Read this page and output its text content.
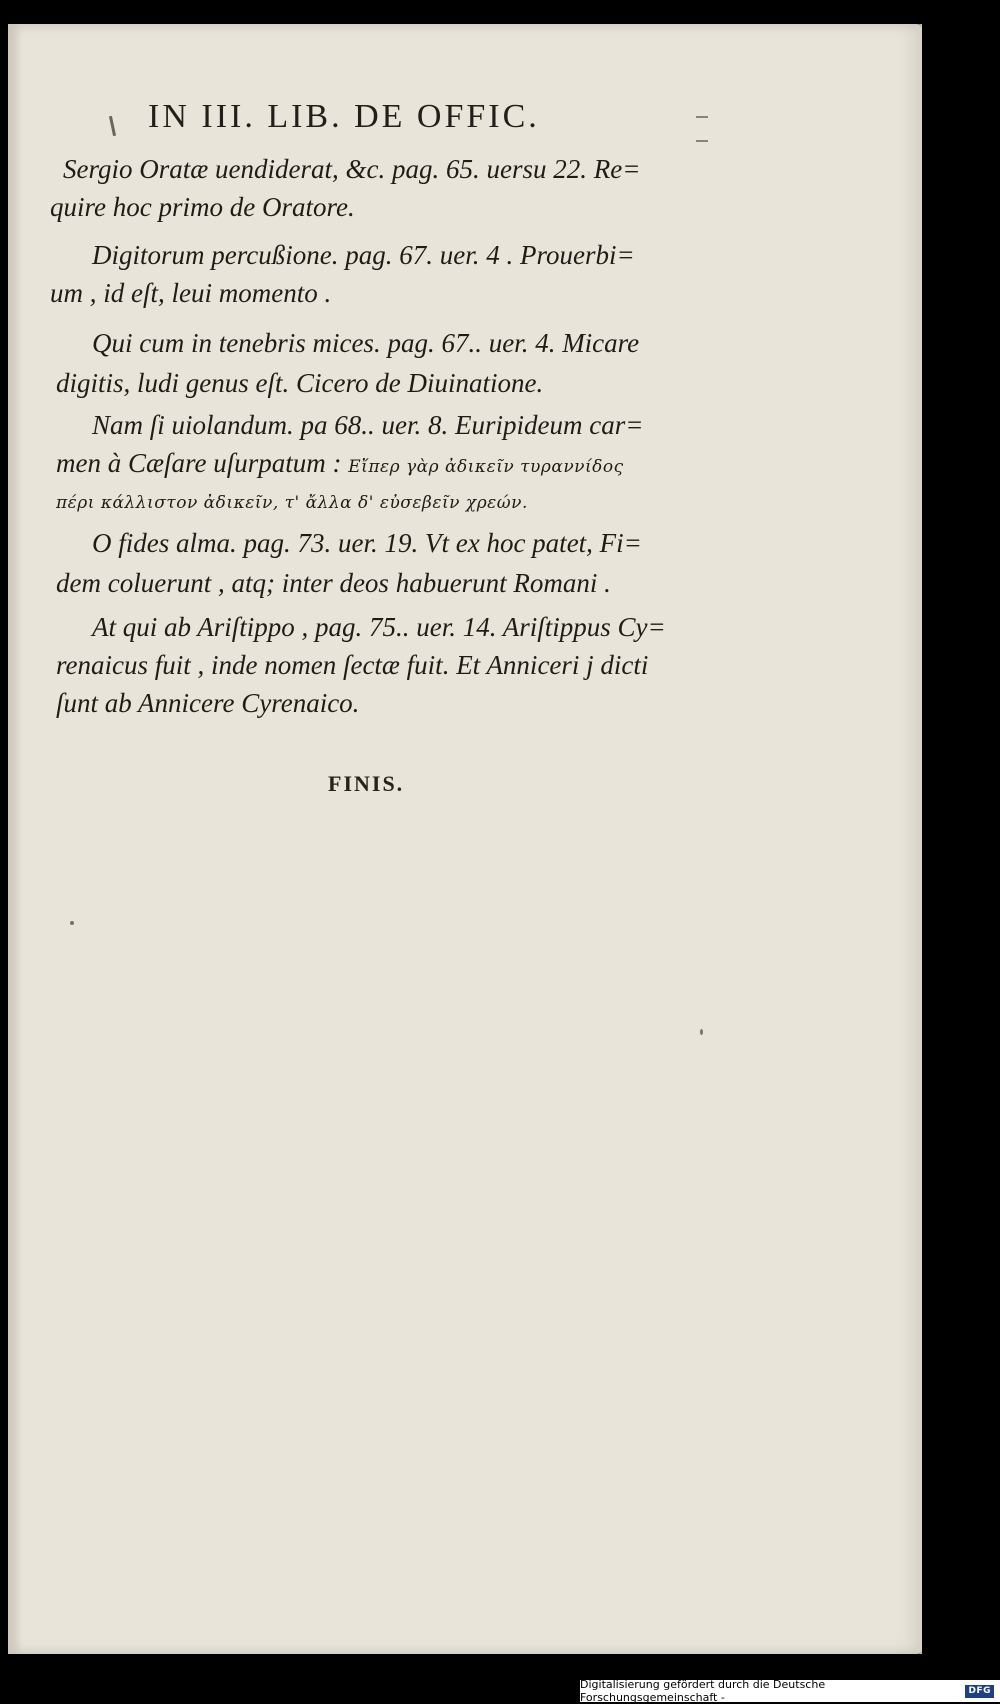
IN III. LIB. DE OFFIC.
Sergio Oratæ uendiderat, &c. pag. 65. uersu 22. Re=
quire hoc primo de Oratore.
Digitorum percußione. pag. 67. uer. 4 . Prouerbi=
um , id eſt, leui momento .
Qui cum in tenebris mices. pag. 67.. uer. 4. Micare
digitis, ludi genus eſt. Cicero de Diuinatione.
Nam ſi uiolandum. pa 68.. uer. 8. Euripideum car=
men à Cæſare uſurpatum : Εἴπερ γὰρ ἀδικεῖν τυραννίδος
πέρι κάλλιστον ἀδικεῖν, τ' ἄλλα δ' εὐσεβεῖν χρεών.
O fides alma. pag. 73. uer. 19. Vt ex hoc patet, Fi=
dem coluerunt , atq; inter deos habuerunt Romani .
At qui ab Ariſtippo , pag. 75.. uer. 14. Ariſtippus Cy=
renaicus fuit , inde nomen ſectæ fuit. Et Anniceri j dicti
ſunt ab Annicere Cyrenaico.
FINIS.
Digitalisierung gefördert durch die Deutsche Forschungsgemeinschaft -	DFG
